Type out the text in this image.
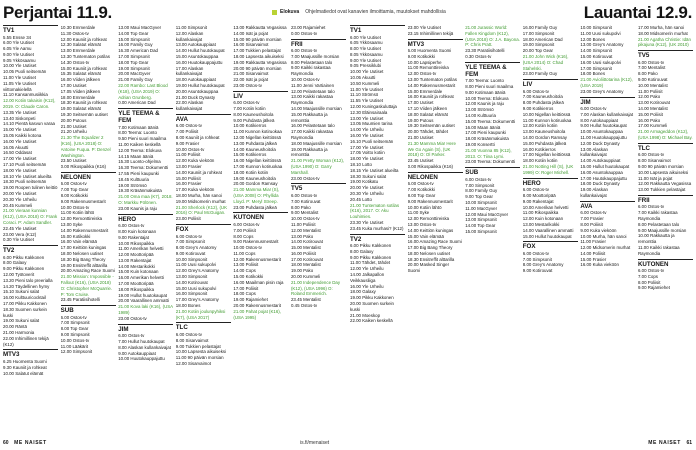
Perjantai 11.9.	Elokuva Ohjelmatiedot ovat kanavien ilmoittamia, muutokset mahdollisia	Lauantai 12.9.
TV1
5.55 Ensse 34
6.00 Yle Uutiset
6.05 Yle Aamu
9.00 Yle Uutiset
9.05 Ykkösaamu
10.00 Yle Uutiset
10.05 Puoli seitsemän
11.00 Yle Uutiset
11.05 Yle Uutiset viittomakielellä
11.10 Kansanmusiikkia
12.00 Kotiin takaisin (K12), 2019. O: Claude Caron.
13.35 Yle Uutiset
13.40 Siskonpeti
14.10 Pientä kasvun varaa
15.00 Yle Uutiset
15.05 Kaikki kotona
16.00 Yle Uutiset
16.05 Akuutti
16.50 Oddasat
17.00 Yle Uutiset
17.10 Puoli seitsemän
18.00 Yle Uutiset
18.10 Yle Uutiset alueilta
18.30 Puoli seitsemän
19.00 Roopen tulinen keittiö
20.00 Yle Uutiset
20.30 Yle Urheilu
20.45 Kummeli
21.00 Vieraan kunnian (K12), (USA 2018) O: Frank Coraci. P: Adam Sandler.
22.45 Yle Uutiset
23.00 Vera (K12)
0.30 Yle Uutiset
TV2
6.00 Pikku Kakkonen
8.00 Galaxy
9.00 Pikku Kakkonen
12.00 Työtoverit
13.20 Pieni talo preerialla
14.20 Täydellinen hymy
15.10 Sukuni salat
16.00 Kulttuuricocktail
17.00 Pikku Kakkonen
18.30 Suomen surkein kuski
19.00 Sukuni salat
20.00 Räntä
21.00 Harmonia
22.00 Inhimillinen tekijä (K12)
MTV3
6.25 Huomenta Suomi
9.30 Kauniit ja rohkeat
10.00 Salatut elämät
10.30 Emmerdale
11.30 Ostos-tv
12.00 Kauniit ja rohkeat
12.30 Salatut elämät
13.00 Emmerdale
13.30 Tuntematon potilas
14.30 Ostos-tv
15.00 Kauniit ja rohkeat
15.35 Salatut elämät
16.00 Viiden jälkeen
17.00 Uutiset
17.05 Viiden jälkeen
18.00 Emmerdale
18.30 Kauniit ja rohkeat
19.00 Salatut elämät
19.30 Seitsemän uutiset
20.00 Putous
21.00 Uutiset
21.20 Urheilu
21.30 The Equalizer 2 (K16), (USA 2018) O: Antoine Fuqua. P: Denzel Washington.
23.50 Uutiset
0.00 Rikospaikka (K16)
NELONEN
6.00 Ostos-tv
7.00 Top Gear
8.00 Kotikokki
9.00 Rakennusmestarit
10.00 Ostos-tv
11.00 Kotiin lähtö
12.00 Remonttireiska
13.00 Syke
14.00 Rakennusmestarit
15.00 Kotikokki
16.00 Vain elämää
17.00 Keittiön kuningas
18.00 Nelosen uutiset
18.30 Big Bang Theory
19.00 Ensitreffit alttarilla
20.00 Amazing Race Suomi
21.00 Mission: Impossible - Fallout (K16), (USA 2018) O: Christopher McQuarrie. P: Tom Cruise.
23.45 Paratiisihotelli
SUB
6.00 Ostos-tv
7.00 Simpsonit
8.00 Top Gear
9.00 Simpsonit
10.00 Ostos-tv
11.00 Lääkärit
12.00 Simpsonit
13.00 Maui MacGyver
14.00 Top Gear
15.00 Simpsonit
16.00 Family Guy
16.30 American Dad
17.00 Simpsonit
18.00 Top Gear
19.00 Simpsonit
20.00 MacGyver
21.00 Family Guy
22.00 Rambo: Last Blood (K18), (USA 2019) O: Adrian Grunberg.
0.00 American Dad
YLE TEEMA & FEM
7.00 Kotimaan ääniä
8.00 Teema: Luonto
9.50 Pieni suuri maailma
11.00 Kaiken keskellä
12.00 Teema: Elokuva
14.15 Maan ääniä
15.30 Luonto-ohjelma
16.30 Teema: Dokumentti
17.55 Pieni kaupunki
18.45 Kulttuuria
19.00 Strömsö
19.30 Kräsänmakuista
21.00 Oma maa (K7), 2018. O: Markku Pölönen.
23.00 Kaunis ja raju
HERO
6.00 Ostos-tv
8.00 Kuin kotonaan
9.00 Rakentajat
10.00 Rikospaikka
11.00 Amerikan helvetti
12.00 Moottoripää
13.00 Rakentajat
14.00 Mestarikokki
15.00 Kuin kotonaan
16.00 Amerikan helvetti
17.00 Moottoripää
18.00 Rikospaikka
19.00 Hullut huutokaupat
20.00 Vaarallinen ammatti
21.00 Kova laki (K16), (USA 1989)
23.00 Ostos-tv
JIM
6.00 Ostos-tv
7.00 Hullut huutokaupat
8.00 Alaskan kullankaivajat
9.00 Autokauppiaat
10.00 Huutokauppajuttu
11.00 Simpsonit
12.00 Alaskan kullankaivajat
13.00 Autokauppiaat
14.00 Hullut huutokaupat
15.00 Asuntokauppaa
16.00 Huutokauppajuttu
17.00 Alaskan kullankaivajat
18.00 Autokauppiaat
19.00 Hullut huutokaupat
20.00 Asuntokauppaa
21.00 Duck Dynasty
22.00 Alaskan kullankaivajat
AVA
6.00 Ostos-tv
7.00 Poliisit
8.00 Kauniit ja rohkeat
9.00 Frasier
10.00 Ostos-tv
11.00 Poliisit
12.00 Kuka vieköön
13.00 Frasier
14.00 Kauniit ja rohkeat
15.00 Poliisit
16.00 Frasier
17.00 Kuka vieköön
18.00 Murha, hän sanoi
19.00 Midsomerin murhat
21.00 Sherlock (K12), (UK 2016) O: Paul McGuigan.
23.00 Poliisit
FOX
6.00 Ostos-tv
7.00 Simpsonit
8.00 Grey's Anatomy
9.00 Kotirouvat
10.00 Simpsonit
11.00 Uusi sukupolvi
12.00 Grey's Anatomy
13.00 Simpsonit
14.00 Kotirouvat
15.00 Uusi sukupolvi
16.00 Simpsonit
17.00 Grey's Anatomy
18.00 Bones
21.00 Kotiin joulunpyhiksi (K7), (USA 2017)
TLC
6.00 Ostos-tv
8.00 Sisarvaimot
9.00 Tukkien pelastajat
10.00 Lapsesta aikuiseksi
11.00 90 päivän morsian
12.00 Sisarvaimot
13.00 Rakkautta Vegasissa
14.00 Isät ja pojat
15.00 90 päivän morsian
16.00 Sisarvaimot
17.00 Tukkien pelastajat
18.00 Lapsesta aikuiseksi
19.00 Rakkautta Vegasissa
20.00 90 päivän morsian
21.00 Sisarvaimot
22.00 Isät ja pojat
23.00 Ostos-tv
LIV
6.00 Ostos-tv
7.00 Kotiin kotiin
8.00 Kauneushoitola
9.00 Puhdasta jälkeä
10.00 Kotikierros
11.00 Kunnon kotiruokaa
12.00 Nigellan keittiössä
13.00 Puhdasta jälkeä
14.00 Kauneushoitola
15.00 Kotikierros
16.00 Nigellan keittiössä
17.00 Kunnon kotiruokaa
18.00 Kotiin kotiin
19.00 Kauneushoitola
20.00 Gordon Ramsay
21.00 Mamma Mia! (S), (USA 2008) O: Phyllida Lloyd. P: Meryl Streep.
23.00 Puhdasta jälkeä
KUTONEN
6.00 Ostos-tv
7.00 Poliisit
8.00 Cops
9.00 Rakennusmestarit
10.00 Ostos-tv
11.00 Cops
12.00 Rakennusmestarit
13.00 Poliisit
14.00 Cops
15.00 Kotikokki
16.00 Maailman pisin raja
17.00 Poliisit
18.00 Cops
19.00 Rajamiehet
20.00 Rakennusmestarit
21.00 Pahat pojat (K16), (USA 1995)
23.00 Rajamiehet
0.00 Ostos-tv
FRII
6.00 Ostos-tv
7.00 Maajussille morsian
8.00 Pelastetaan talo
9.00 Kaikki rakastaa Raymondia
10.00 Ostos-tv
11.00 Jenni Vartiainen
12.00 Pelastetaan talo
13.00 Kaikki rakastaa Raymondia
14.00 Maajussille morsian
15.00 Rakkautta ja remonttia
16.00 Pelastetaan talo
17.00 Kaikki rakastaa Raymondia
18.00 Maajussille morsian
19.00 Rakkautta ja remonttia
21.00 Pretty Woman (K12), (USA 1990) O: Garry Marshall.
23.00 Ostos-tv
TV5
6.00 Ostos-tv
7.00 Kotirouvat
8.00 Pako
9.00 Mentalist
10.00 Ostos-tv
11.00 Poliisit
12.00 Mentalist
13.00 Pako
14.00 Kotirouvat
15.00 Mentalist
16.00 Poliisit
17.00 Kotirouvat
18.00 Mentalist
19.00 Pako
20.00 Kummeli
21.00 Independence Day (K12), (USA 1996) O: Roland Emmerich.
23.45 Mentalist
0.45 Ostos-tv
TV1
6.00 Yle Uutiset
6.05 Ykkösaamu
8.00 Yle Uutiset
8.05 Ykkösaamu
9.00 Yle Uutiset
9.05 Pressiklubi
10.00 Yle Uutiset
10.05 Akuutti
10.50 Kummeli
11.00 Yle Uutiset
11.10 Strömsö
11.55 Yle Uutiset
12.00 Kuningaskuluttaja
12.30 Eläinsairaala
13.00 Yle Uutiset
13.05 Muumien tarina
14.00 Yle Urheilu
16.00 Yle Uutiset
16.10 Puoli seitsemän
17.00 Yle Uutiset
17.05 Voitto kotiin
18.00 Yle Uutiset
18.10 Lotto
18.15 Yle Uutiset alueilta
18.30 Sukuni salat
19.00 Kotikatu
20.00 Yle Uutiset
20.30 Yle Urheilu
20.45 Lotto
21.00 Tuntematon sotilas (K16), 2017. O: Aku Louhimies.
23.30 Yle Uutiset
23.45 Kuka murhasi? (K12)
TV2
6.00 Pikku Kakkonen
8.00 Galaxy
9.00 Pikku Kakkonen
11.00 Tähdet, tähdet
12.00 Yle Urheilu
14.00 Jalkapallon Veikkausliiga
16.00 Yle Urheilu
18.00 Galaxy
19.00 Pikku Kakkonen
20.00 Suomen surkein kuski
21.00 Moeskop
22.00 Kaiken keskellä
23.00 Yle Uutiset
23.15 Inhimillinen tekijä
MTV3
6.00 Huomenta Suomi
9.00 Kotikokki
10.00 Lapsiperhe
11.00 Remonttireiska
12.00 Ostos-tv
13.00 Tuntematon potilas
14.00 Rakennusmestarit
15.00 Emmerdale
16.00 Kauniit ja rohkeat
17.00 Uutiset
17.10 Viiden jälkeen
18.00 Salatut elämät
19.00 Putous
19.30 Seitsemän uutiset
20.00 Tähdet, tähdet
21.00 Uutiset
21.30 Mamma Mia! Here We Go Again (S), (UK 2018) O: Ol Parker.
23.45 Uutiset
0.00 Rikospaikka (K16)
NELONEN
6.00 Ostos-tv
7.00 Kotikokki
8.00 Top Gear
9.00 Rakennusmestarit
10.00 Kotiin lähtö
11.00 Syke
12.00 Remonttireiska
13.00 Ostos-tv
14.00 Keittiön kuningas
15.00 Vain elämää
16.00 Amazing Race Suomi
17.00 Big Bang Theory
18.00 Nelosen uutiset
18.30 Ensitreffit alttarilla
20.00 Masked Singer Suomi
21.00 Jurassic World: Fallen Kingdom (K12), (USA 2018) O: J.A. Bayona. P: Chris Pratt.
23.30 Paratiisihotelli
0.30 Ostos-tv
YLE TEEMA & FEM
7.00 Teema: Luonto
8.00 Pieni suuri maailma
9.00 Kotimaan ääniä
10.00 Teema: Elokuva
12.00 Kaunis ja raju
13.00 Strömsö
14.00 Kulttuuria
15.00 Teema: Dokumentti
16.00 Maan ääniä
17.00 Pieni kaupunki
18.00 Kräsänmakuista
19.00 Konsertti
21.00 Vuonna 85 (K12), 2013. O: Tiina Lymi.
23.00 Teema: Dokumentti
SUB
6.00 Ostos-tv
7.00 Simpsonit
8.00 Family Guy
9.00 Top Gear
10.00 Simpsonit
11.00 MacGyver
12.00 Maui MacGyver
13.00 Simpsonit
14.00 Top Gear
15.00 Simpsonit
16.00 Family Guy
17.00 Simpsonit
18.00 American Dad
19.00 Simpsonit
20.00 Top Gear
21.00 John Wick (K16), (USA 2014) O: Chad Stahelski.
23.00 Family Guy
LIV
6.00 Ostos-tv
7.00 Kauneushoitola
8.00 Puhdasta jälkeä
9.00 Kotikierros
10.00 Nigellan keittiössä
11.00 Kunnon kotiruokaa
12.00 Kotiin kotiin
13.00 Kauneushoitola
14.00 Gordon Ramsay
15.00 Puhdasta jälkeä
16.00 Kotikierros
17.00 Nigellan keittiössä
18.00 Kotiin kotiin
21.00 Notting Hill (S), (UK 1999) O: Roger Michell.
HERO
6.00 Ostos-tv
8.00 Moottoripää
9.00 Rakentajat
10.00 Amerikan helvetti
11.00 Rikospaikka
12.00 Kuin kotonaan
13.00 Mestarikokki
14.00 Vaarallinen ammatti
15.00 Hullut huutokaupat
FOX
6.00 Ostos-tv
7.00 Simpsonit
8.00 Grey's Anatomy
9.00 Kotirouvat
10.00 Simpsonit
11.00 Uusi sukupolvi
12.00 Bones
13.00 Grey's Anatomy
14.00 Simpsonit
15.00 Kotirouvat
16.00 Uusi sukupolvi
17.00 Simpsonit
18.00 Bones
21.00 Avioliittotarina (K12), (USA 2019)
23.00 Grey's Anatomy
JIM
6.00 Ostos-tv
7.00 Alaskan kullankaivajat
8.00 Autokauppiaat
9.00 Hullut huutokaupat
10.00 Asuntokauppaa
11.00 Huutokauppajuttu
12.00 Duck Dynasty
13.00 Alaskan kullankaivajat
14.00 Autokauppiaat
15.00 Hullut huutokaupat
16.00 Asuntokauppaa
17.00 Huutokauppajuttu
18.00 Duck Dynasty
19.00 Alaskan kullankaivajat
AVA
6.00 Ostos-tv
7.00 Frasier
8.00 Poliisit
9.00 Kuka vieköön
10.00 Murha, hän sanoi
11.00 Frasier
12.00 Midsomerin murhat
14.00 Poliisit
15.00 Frasier
16.00 Kuka vieköön
17.00 Murha, hän sanoi
18.00 Midsomerin murhat
21.00 Agatha Christie: Idän pikajuna (K12), (UK 2010)
TV5
6.00 Ostos-tv
7.00 Mentalist
8.00 Pako
9.00 Kotirouvat
10.00 Mentalist
11.00 Poliisit
12.00 Pako
13.00 Kotirouvat
14.00 Mentalist
15.00 Poliisit
16.00 Pako
17.00 Kummeli
21.00 Armageddon (K12), (USA 1998) O: Michael Bay.
TLC
6.00 Ostos-tv
8.00 Sisarvaimot
9.00 90 päivän morsian
10.00 Lapsesta aikuiseksi
11.00 Isät ja pojat
12.00 Rakkautta Vegasissa
13.00 Tukkien pelastajat
FRII
6.00 Ostos-tv
7.00 Kaikki rakastaa Raymondia
8.00 Pelastetaan talo
9.00 Maajussille morsian
10.00 Rakkautta ja remonttia
11.00 Kaikki rakastaa Raymondia
KUTONEN
6.00 Ostos-tv
7.00 Cops
8.00 Poliisit
9.00 Rajamiehet
60 ME NAISET	is.fi/menaiset	ME NAISET 61
